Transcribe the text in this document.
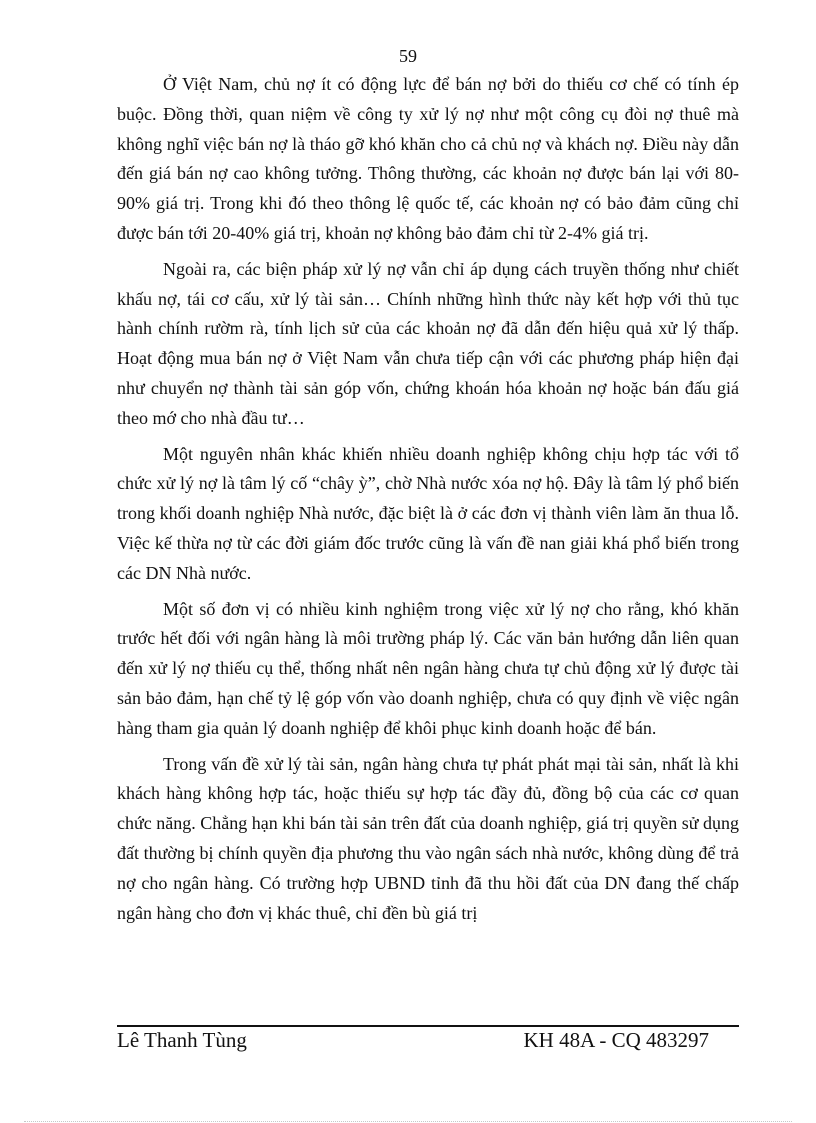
59

Ở Việt Nam, chủ nợ ít có động lực để bán nợ bởi do thiếu cơ chế có tính ép buộc. Đồng thời, quan niệm về công ty xử lý nợ như một công cụ đòi nợ thuê mà không nghĩ việc bán nợ là tháo gỡ khó khăn cho cả chủ nợ và khách nợ. Điều này dẫn đến giá bán nợ cao không tưởng. Thông thường, các khoản nợ được bán lại với 80-90% giá trị. Trong khi đó theo thông lệ quốc tế, các khoản nợ có bảo đảm cũng chỉ được bán tới 20-40% giá trị, khoản nợ không bảo đảm chỉ từ 2-4% giá trị.

Ngoài ra, các biện pháp xử lý nợ vẫn chỉ áp dụng cách truyền thống như chiết khấu nợ, tái cơ cấu, xử lý tài sản… Chính những hình thức này kết hợp với thủ tục hành chính rườm rà, tính lịch sử của các khoản nợ đã dẫn đến hiệu quả xử lý thấp. Hoạt động mua bán nợ ở Việt Nam vẫn chưa tiếp cận với các phương pháp hiện đại như chuyển nợ thành tài sản góp vốn, chứng khoán hóa khoản nợ hoặc bán đấu giá theo mớ cho nhà đầu tư…

Một nguyên nhân khác khiến nhiều doanh nghiệp không chịu hợp tác với tổ chức xử lý nợ là tâm lý cố “chây ỳ”, chờ Nhà nước xóa nợ hộ. Đây là tâm lý phổ biến trong khối doanh nghiệp Nhà nước, đặc biệt là ở các đơn vị thành viên làm ăn thua lỗ. Việc kế thừa nợ từ các đời giám đốc trước cũng là vấn đề nan giải khá phổ biến trong các DN Nhà nước.

Một số đơn vị có nhiều kinh nghiệm trong việc xử lý nợ cho rằng, khó khăn trước hết đối với ngân hàng là môi trường pháp lý. Các văn bản hướng dẫn liên quan đến xử lý nợ thiếu cụ thể, thống nhất nên ngân hàng chưa tự chủ động xử lý được tài sản bảo đảm, hạn chế tỷ lệ góp vốn vào doanh nghiệp, chưa có quy định về việc ngân hàng tham gia quản lý doanh nghiệp để khôi phục kinh doanh hoặc để bán.

Trong vấn đề xử lý tài sản, ngân hàng chưa tự phát phát mại tài sản, nhất là khi khách hàng không hợp tác, hoặc thiếu sự hợp tác đầy đủ, đồng bộ của các cơ quan chức năng. Chẳng hạn khi bán tài sản trên đất của doanh nghiệp, giá trị quyền sử dụng đất thường bị chính quyền địa phương thu vào ngân sách nhà nước, không dùng để trả nợ cho ngân hàng. Có trường hợp UBND tỉnh đã thu hồi đất của DN đang thế chấp ngân hàng cho đơn vị khác thuê, chỉ đền bù giá trị

Lê Thanh Tùng	KH 48A - CQ 483297
